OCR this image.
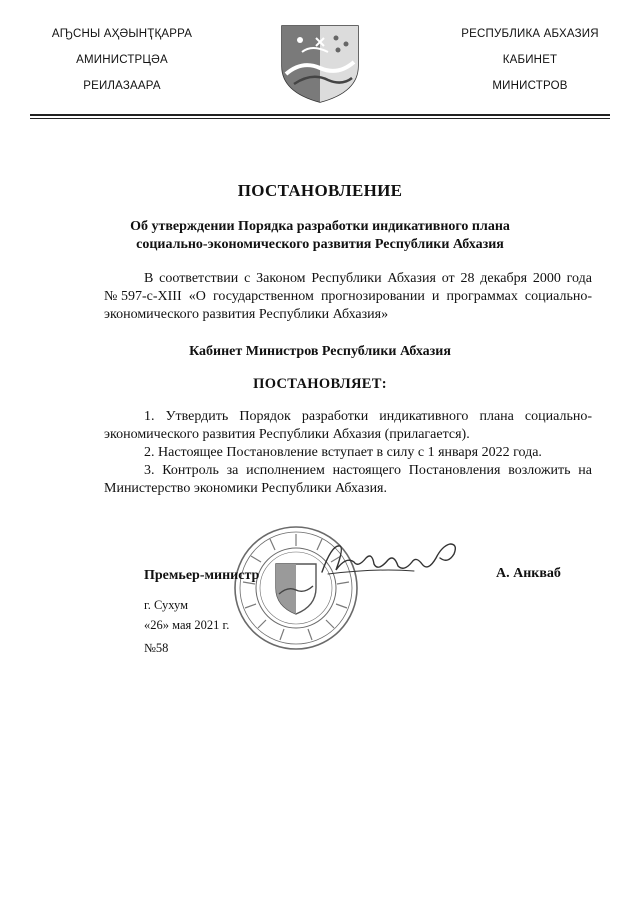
АҦСНЫ АҲӘЫНҬҚАРРА
АМИНИСТРЦӘА
РЕИЛАЗААРА
РЕСПУБЛИКА АБХАЗИЯ
КАБИНЕТ
МИНИСТРОВ
ПОСТАНОВЛЕНИЕ
Об утверждении Порядка разработки индикативного плана
социально-экономического развития Республики Абхазия

В соответствии с Законом Республики Абхазия от 28 декабря 2000 года №597-с-XIII «О государственном прогнозировании и программах социально-экономического развития Республики Абхазия»

Кабинет Министров Республики Абхазия
ПОСТАНОВЛЯЕТ:

1. Утвердить Порядок разработки индикативного плана социально-экономического развития Республики Абхазия (прилагается).

2. Настоящее Постановление вступает в силу с 1 января 2022 года.

3. Контроль за исполнением настоящего Постановления возложить на Министерство экономики Республики Абхазия.

Премьер-министр	А. Анкваб
г. Сухум
«26» мая 2021 г.
№58
